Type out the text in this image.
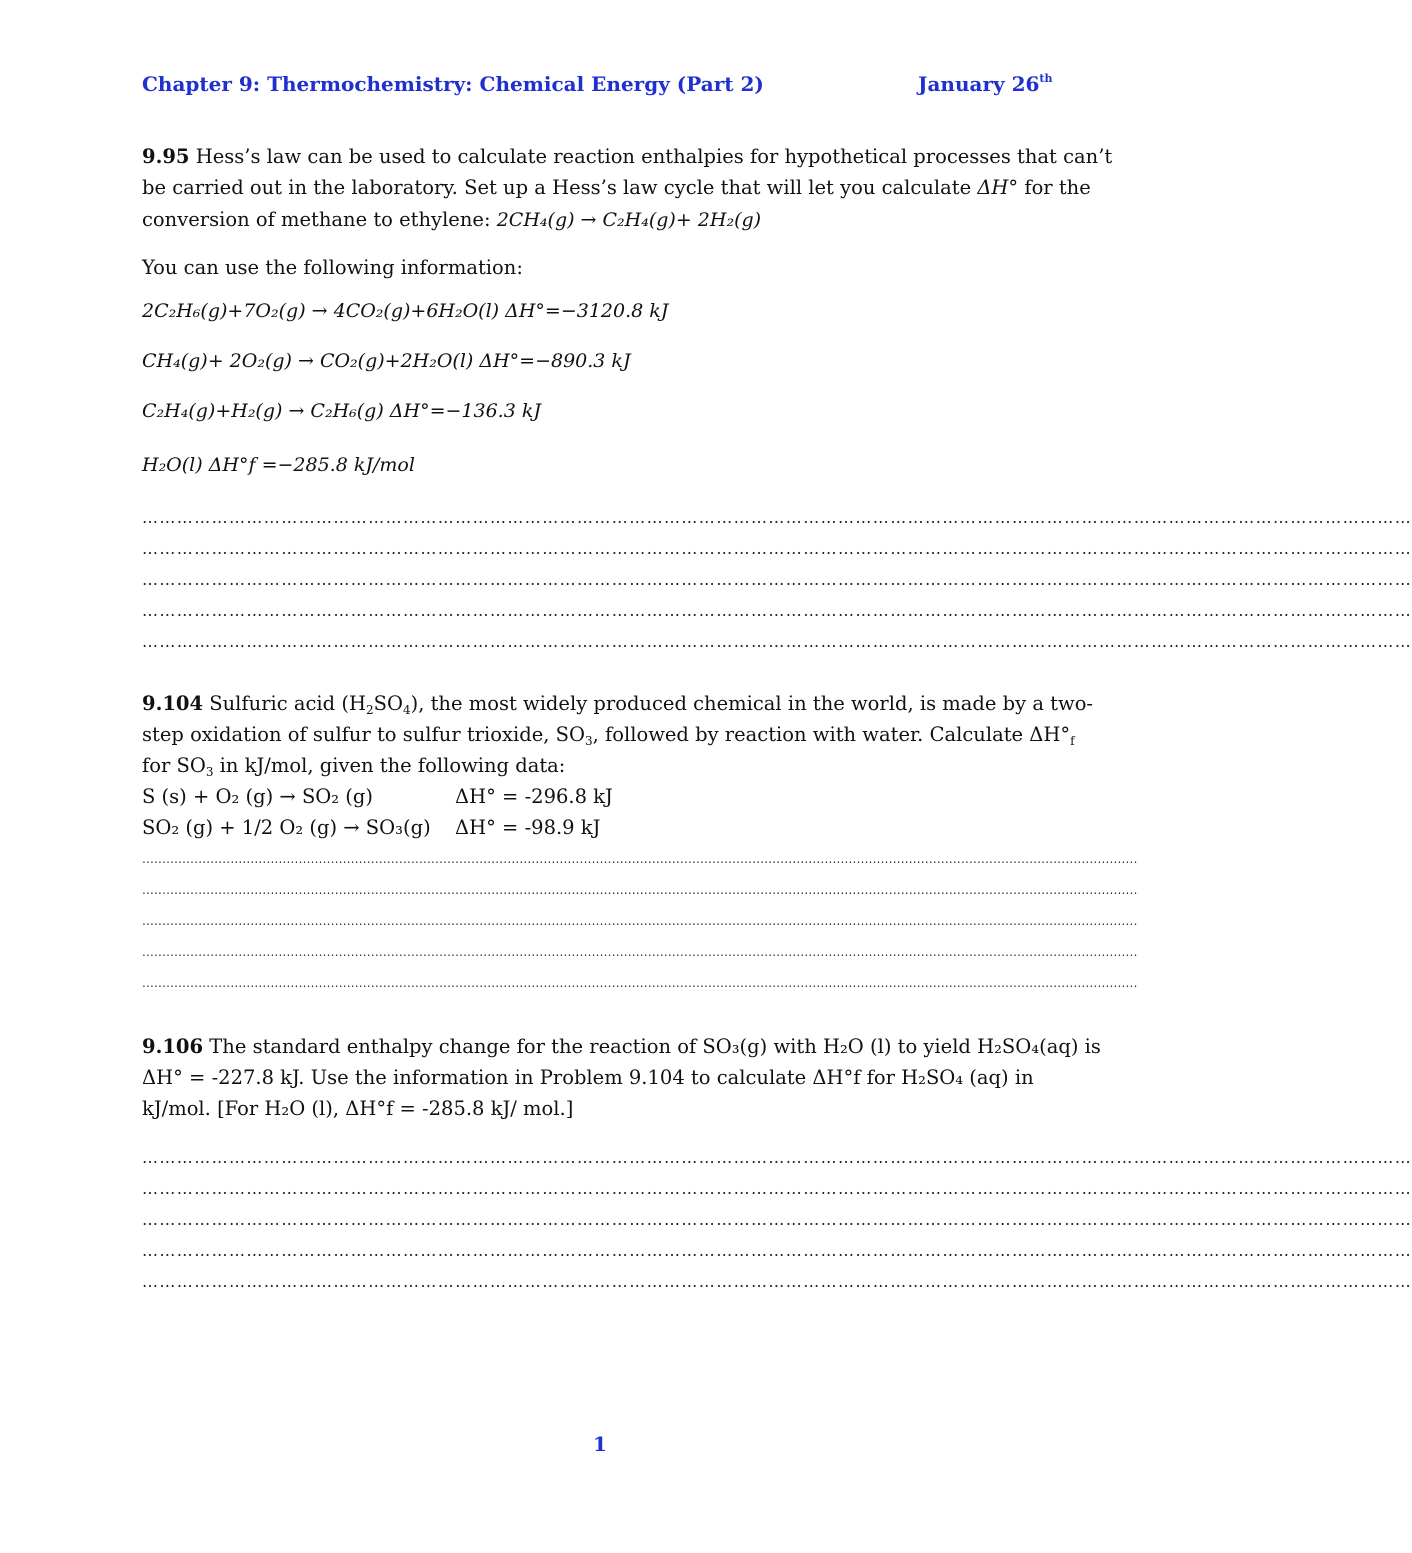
Chapter 9: Thermochemistry: Chemical Energy (Part 2)	January 26th
9.95 Hess’s law can be used to calculate reaction enthalpies for hypothetical processes that can’t
be carried out in the laboratory. Set up a Hess’s law cycle that will let you calculate ΔH° for the
conversion of methane to ethylene: 2CH₄(g) → C₂H₄(g)+ 2H₂(g)
You can use the following information:
2C₂H₆(g)+7O₂(g) → 4CO₂(g)+6H₂O(l) ΔH°=−3120.8 kJ
CH₄(g)+ 2O₂(g) → CO₂(g)+2H₂O(l) ΔH°=−890.3 kJ
C₂H₄(g)+H₂(g) → C₂H₆(g) ΔH°=−136.3 kJ
H₂O(l) ΔH°f =−285.8 kJ/mol
…………………………………………………………………………………………………………………………………………………………………………………………………
…………………………………………………………………………………………………………………………………………………………………………………………………
…………………………………………………………………………………………………………………………………………………………………………………………………
…………………………………………………………………………………………………………………………………………………………………………………………………
…………………………………………………………………………………………………………………………………………………………………………………………………
9.104 Sulfuric acid $(H_2SO_4)$, the most widely produced chemical in the world, is made by a two-
step oxidation of sulfur to sulfur trioxide, $SO_3$, followed by reaction with water. Calculate $\Delta H^\circ_f$
for $SO_3$ in kJ/mol, given the following data:
S (s) + O₂ (g) → SO₂ (g)	ΔH° = -296.8 kJ
SO₂ (g) + 1/2 O₂ (g) → SO₃(g) ΔH° = -98.9 kJ
........................................................................................................................................................................................................................................................
........................................................................................................................................................................................................................................................
........................................................................................................................................................................................................................................................
........................................................................................................................................................................................................................................................
........................................................................................................................................................................................................................................................
9.106 The standard enthalpy change for the reaction of SO₃(g) with H₂O (l) to yield H₂SO₄(aq) is
ΔH° = -227.8 kJ. Use the information in Problem 9.104 to calculate ΔH°f for H₂SO₄ (aq) in
kJ/mol. [For H₂O (l), ΔH°f = -285.8 kJ/ mol.]
…………………………………………………………………………………………………………………………………………………………………………………………………
…………………………………………………………………………………………………………………………………………………………………………………………………
…………………………………………………………………………………………………………………………………………………………………………………………………
…………………………………………………………………………………………………………………………………………………………………………………………………
…………………………………………………………………………………………………………………………………………………………………………………………………
1
